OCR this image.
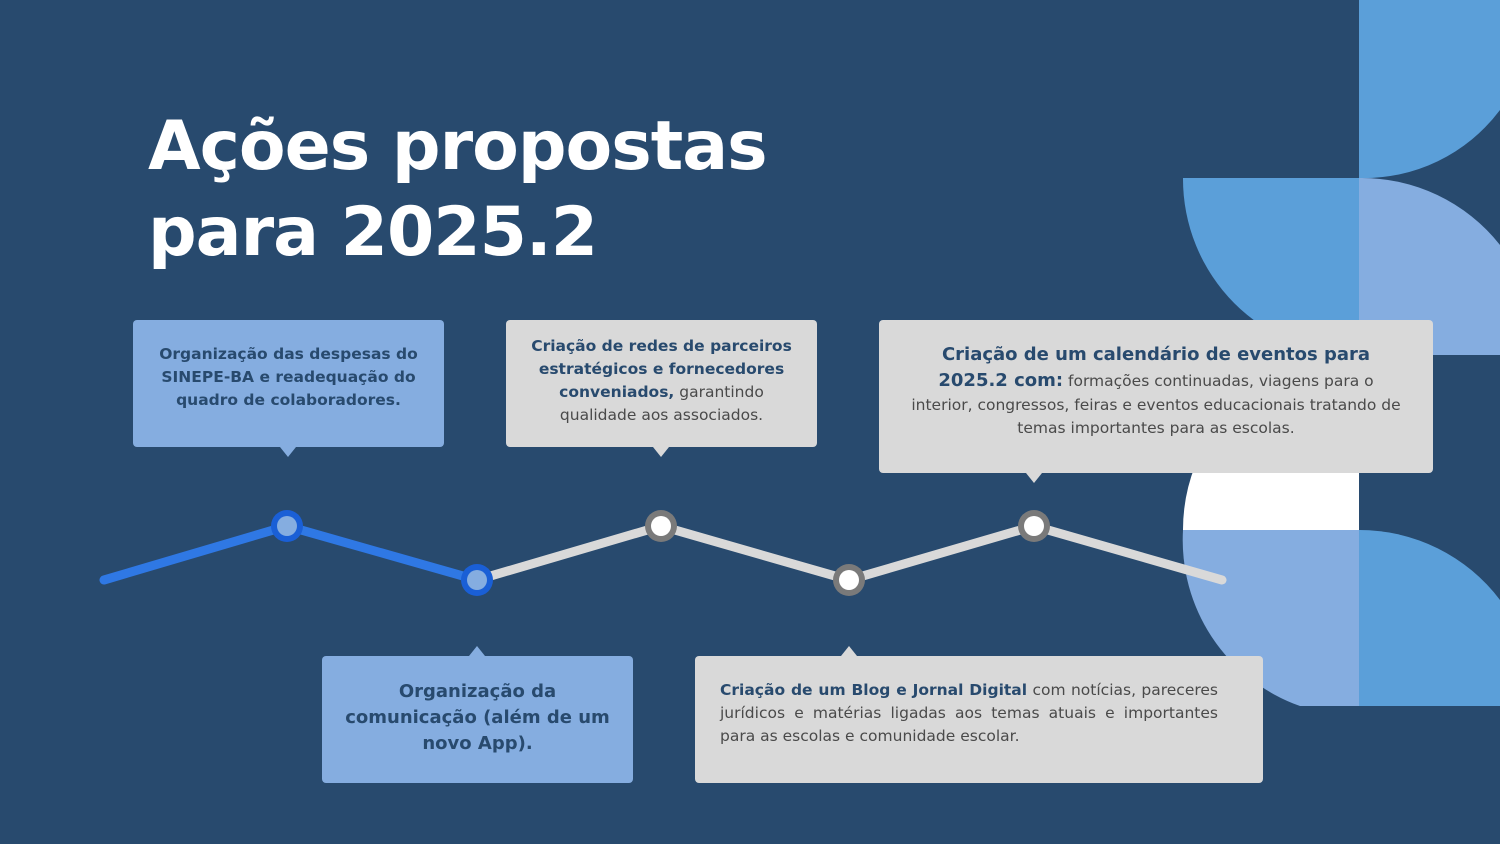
Ações propostas
para 2025.2
Organização das despesas do SINEPE-BA e readequação do quadro de colaboradores.
Organização da comunicação (além de um novo App).
Criação de redes de parceiros estratégicos e fornecedores conveniados, garantindo qualidade aos associados.
Criação de um Blog e Jornal Digital com notícias, pareceres jurídicos e matérias ligadas aos temas atuais e importantes para as escolas e comunidade escolar.
Criação de um calendário de eventos para 2025.2 com: formações continuadas, viagens para o interior, congressos, feiras e eventos educacionais tratando de temas importantes para as escolas.
